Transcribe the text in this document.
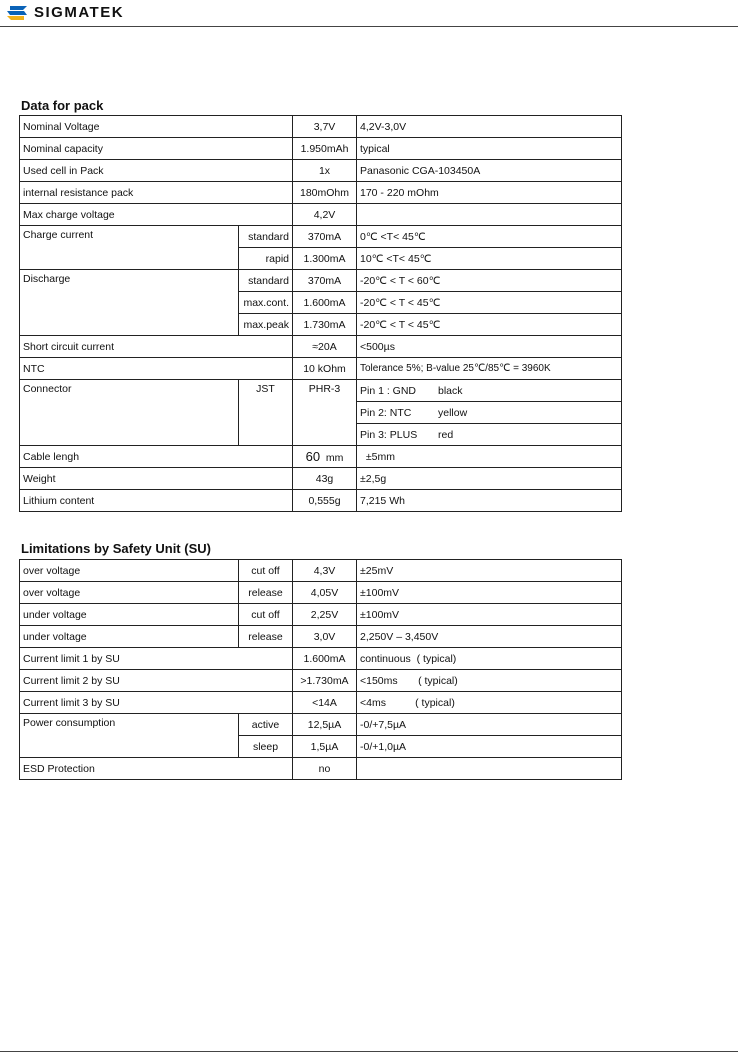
SIGMATEK
Data for pack
Nominal Voltage		3,7V	4,2V-3,0V
Nominal capacity		1.950mAh	typical
Used cell in Pack		1x	Panasonic CGA-103450A
internal resistance pack		180mOhm	170 - 220 mOhm
Max charge voltage		4,2V	
Charge current	standard	370mA	0℃ <T< 45℃
	rapid	1.300mA	10℃ <T< 45℃
Discharge	standard	370mA	-20℃ < T < 60℃
	max.cont.	1.600mA	-20℃ < T < 45℃
	max.peak	1.730mA	-20℃ < T < 45℃
Short circuit current		≈20A	<500µs
NTC		10 kOhm	Tolerance 5%; B-value 25℃/85℃ = 3960K
Connector	JST	PHR-3	Pin 1 : GND black
			Pin 2: NTC yellow
			Pin 3: PLUS red
Cable lengh		60 mm	±5mm
Weight		43g	±2,5g
Lithium content		0,555g	7,215 Wh
Limitations by Safety Unit (SU)
over voltage	cut off	4,3V	±25mV
over voltage	release	4,05V	±100mV
under voltage	cut off	2,25V	±100mV
under voltage	release	3,0V	2,250V – 3,450V
Current limit 1 by SU		1.600mA	continuous  ( typical)
Current limit 2 by SU		>1.730mA	<150ms       ( typical)
Current limit 3 by SU		<14A	<4ms          ( typical)
Power consumption	active	12,5µA	-0/+7,5µA
	sleep	1,5µA	-0/+1,0µA
ESD Protection		no	
